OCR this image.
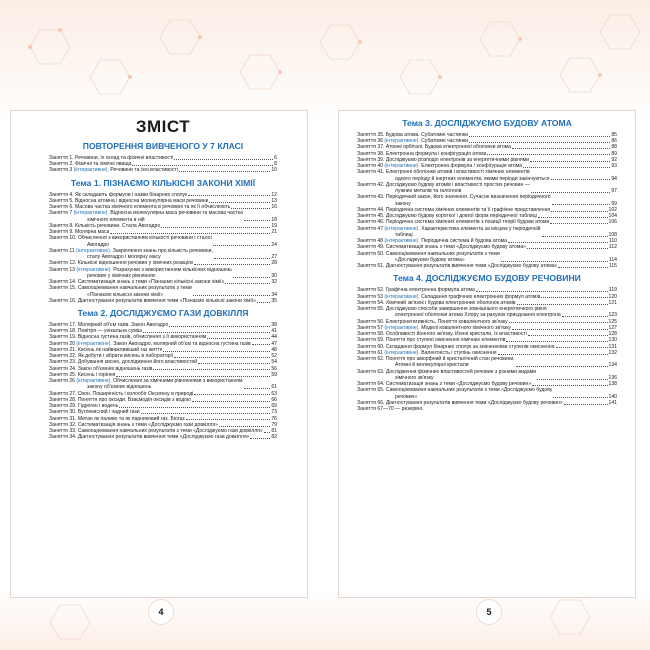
ЗМІСТ
ПОВТОРЕННЯ ВИВЧЕНОГО У 7 КЛАСІ
Заняття 1. Речовини, їх склад та фізичні властивості	6
Заняття 2. Фізичні та хімічні явища	8
Заняття 3 (інтерактивне). Речовини та їхні властивості	10
Тема 1. ПІЗНАЄМО КІЛЬКІСНІ ЗАКОНИ ХІМІЇ
Заняття 4. Як складають формули і назви бінарних сполук	12
Заняття 5. Відносна атомна і відносна молекулярна маси речовини	13
Заняття 6. Масова частка хімічного елемента в речовині та як її обчислюють	16
Заняття 7 (інтерактивне). Відносна молекулярна маса речовини та масова частка
хімічного елемента в ній	18
Заняття 8. Кількість речовини. Стала Авогадро	19
Заняття 9. Молярна маса	21
Заняття 10. Обчислення з використанням кількості речовини і сталої
Авогадро	24
Заняття 11 (інтерактивне). Закріплення знань про кількість речовини,
сталу Авогадро і молярну масу	27
Заняття 12. Кількісні відношення речовин у хімічних реакціях	28
Заняття 13 (інтерактивне). Розрахунки з використанням кількісних відношень
речовин у хімічних рівняннях	30
Заняття 14. Систематизація знань з теми «Пізнаємо кількісні закони хімії»	32
Заняття 15. Самооцінювання навчальних результатів з теми
«Пізнаємо кількісні закони хімії»	34
Заняття 16. Діагностування результатів вивчення теми «Пізнаємо кількісні закони хімії»	35
Тема 2. ДОСЛІДЖУЄМО ГАЗИ ДОВКІЛЛЯ
Заняття 17. Молярний об'єм газів. Закон Авогадро	38
Заняття 18. Повітря — унікальна суміш	41
Заняття 19. Відносна густина газів, обчислення з її використанням	44
Заняття 20 (інтерактивне). Закон Авогадро, молярний об'єм та відносна густина газів	47
Заняття 21. Кисень як найважливіший газ життя	48
Заняття 22. Як добути і зібрати кисень в лабораторії	52
Заняття 23. Добування кисню, дослідження його властивостей	54
Заняття 24. Закон об'ємних відношень газів	56
Заняття 25. Кисень і горіння	59
Заняття 26 (інтерактивне). Обчислення за хімічними рівняннями з використанням
закону об'ємних відношень	61
Заняття 27. Озон. Поширеність і колообіг Оксигену в природі	63
Заняття 28. Поняття про оксиди. Взаємодія оксидів з водою	66
Заняття 29. Гідроген і водень	69
Заняття 30. Вуглекислий і чадний гази	73
Заняття 31. Метан як паливо та як парниковий газ. Біогаз	76
Заняття 32. Систематизація знань з теми «Досліджуємо гази довкілля»	79
Заняття 33. Самооцінювання навчальних результатів з теми «Досліджуємо гази довкілля» 81
Заняття 34. Діагностування результатів вивчення теми «Досліджуємо гази довкілля»	82
4
Тема 3. ДОСЛІДЖУЄМО БУДОВУ АТОМА
Заняття 35. Будова атома. Субатомні частинки	85
Заняття 36 (інтерактивне). Субатомні частинки	86
Заняття 37. Атомні орбіталі. Будова електронної оболонки атома	88
Заняття 38. Електронна формула і конфігурація атома	89
Заняття 39. Досліджуємо розподіл електронів за енергетичними рівнями	92
Заняття 40 (інтерактивне). Електронна формула / конфігурація атома	93
Заняття 41. Електронні оболонки атомів і властивості хімічних елементів
одного періоду й інертних елементів, якими періоди закінчуються	94
Заняття 42. Досліджуємо будову атомів і властивості простих речовин —
лужних металів та галогенів	97
Заняття 43. Періодичний закон, його значення. Сучасне визначення періодичного
закону	99
Заняття 44. Періодична система хімічних елементів та її графічне представлення	102
Заняття 45. Досліджуємо будову короткої і довгої форм періодичної таблиці	104
Заняття 46. Періодична система хімічних елементів з позиції теорії будови атома	106
Заняття 47 (інтерактивне). Характеристика елемента за місцем у періодичній
таблиці	108
Заняття 48 (інтерактивне). Періодична система й будова атома	110
Заняття 49. Систематизація знань з теми «Досліджуємо будову атома»	112
Заняття 50. Самооцінювання навчальних результатів з теми
«Досліджуємо будову атома»	114
Заняття 51. Діагностування результатів вивчення теми «Досліджуємо будову атома»	115
Тема 4. ДОСЛІДЖУЄМО БУДОВУ РЕЧОВИНИ
Заняття 52. Графічна електронна формула атома	119
Заняття 53 (інтерактивне). Складання графічних електронних формул атомів	120
Заняття 54. Хімічний зв'язок і будова електронних оболонок атомів	121
Заняття 55. Досліджуємо способи завершення зовнішнього енергетичного рівня
електронної оболонки атома Хлору за рахунок приєднання електрона	123
Заняття 56. Електронегативність. Поняття ковалентного зв'язку	125
Заняття 57 (інтерактивне). Моделі ковалентного хімічного зв'язку	127
Заняття 58. Особливості йонного зв'язку. Йонні кристали, їх властивості	128
Заняття 59. Поняття про ступені окиснення хімічних елементів	130
Заняття 60. Складання формул бінарних сполук за значеннями ступенів окиснення	131
Заняття 61 (інтерактивне). Валентність і ступінь окиснення	132
Заняття 62. Поняття про аморфний й кристалічний стан речовини.
Атомні й молекулярні кристали	134
Заняття 63. Дослідження фізичних властивостей речовин з різними видами
хімічного зв'язку	136
Заняття 64. Систематизація знань з теми «Досліджуємо будову речовин»	138
Заняття 65. Самооцінювання навчальних результатів з теми «Досліджуємо будову
речовин»	140
Заняття 66. Діагностування результатів вивчення теми «Досліджуємо будову речовин»	141
Заняття 67—70 — резервні.
5
